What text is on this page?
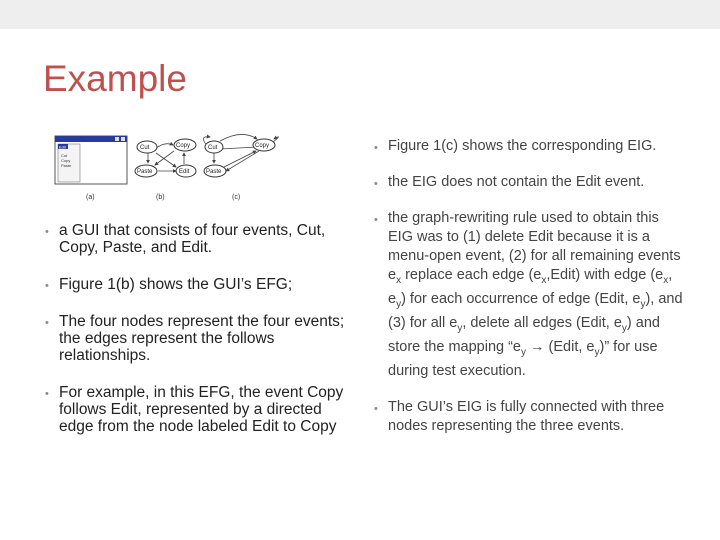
Example
Edit
Cut
Copy
Paste
Cut	Copy
Paste	Edit
Cut	Copy
Paste
(a)	(b)	(c)
• a GUI that consists of four events, Cut, Copy, Paste, and Edit.
• Figure 1(b) shows the GUI’s EFG;
• The four nodes represent the four events; the edges represent the follows relationships.
• For example, in this EFG, the event Copy follows Edit, represented by a directed edge from the node labeled Edit to Copy
• Figure 1(c) shows the corresponding EIG.
• the EIG does not contain the Edit event.
• the graph-rewriting rule used to obtain this EIG was to (1) delete Edit because it is a menu-open event, (2) for all remaining events $e_x$ replace each edge $(e_x,Edit)$ with edge ($e_x$, $e_y$) for each occurrence of edge (Edit, $e_y$), and (3) for all $e_y$, delete all edges (Edit, $e_y$) and store the mapping “$e_y$ → (Edit, $e_y$)” for use during test execution.
• The GUI’s EIG is fully connected with three nodes representing the three events.
